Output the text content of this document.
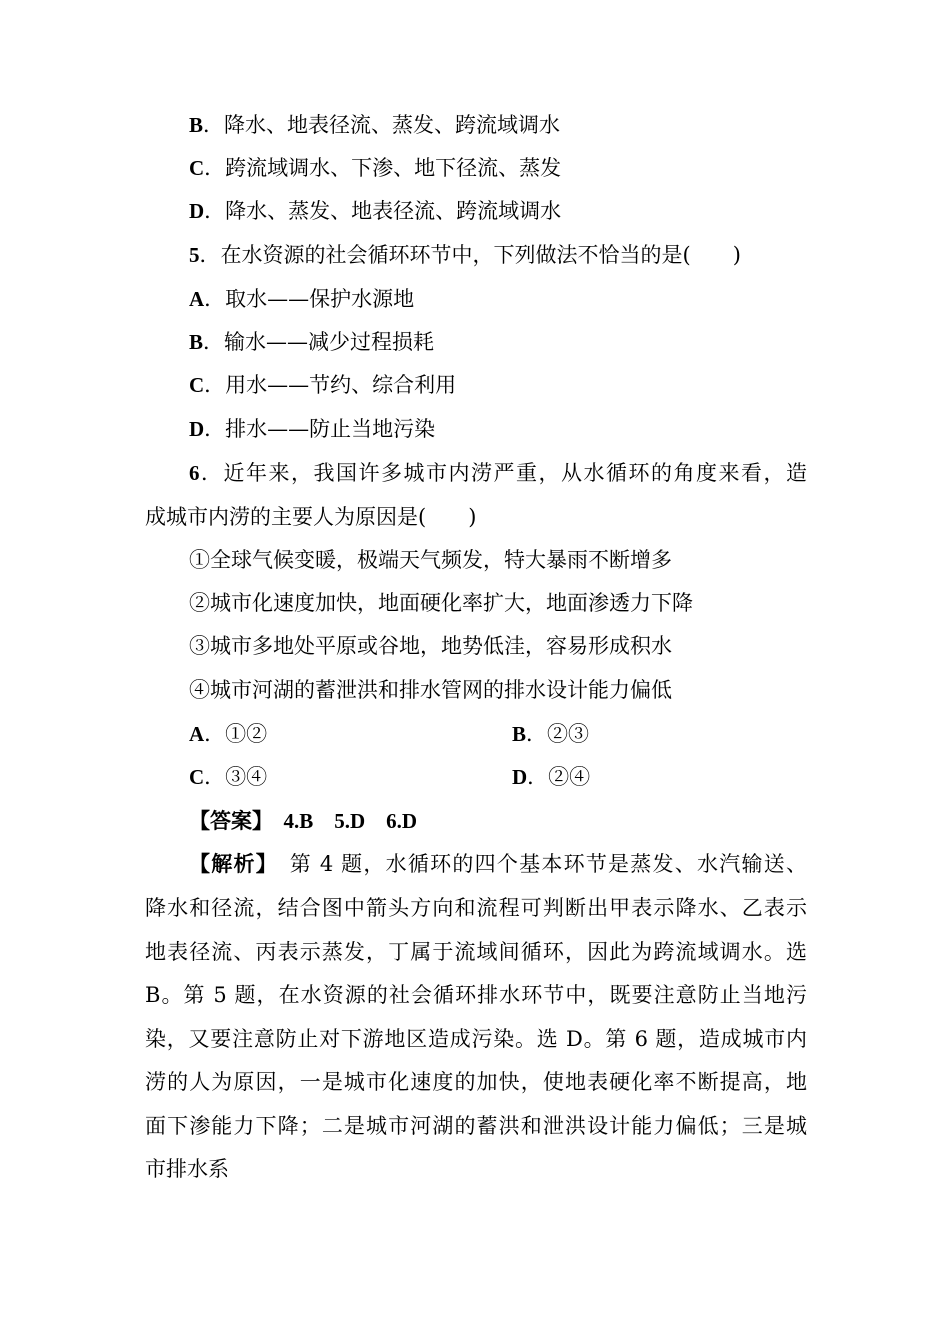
B．降水、地表径流、蒸发、跨流域调水
C．跨流域调水、下渗、地下径流、蒸发
D．降水、蒸发、地表径流、跨流域调水
5．在水资源的社会循环环节中，下列做法不恰当的是(　　)
A．取水——保护水源地
B．输水——减少过程损耗
C．用水——节约、综合利用
D．排水——防止当地污染
6．近年来，我国许多城市内涝严重，从水循环的角度来看，造
成城市内涝的主要人为原因是(　　)
①全球气候变暖，极端天气频发，特大暴雨不断增多
②城市化速度加快，地面硬化率扩大，地面渗透力下降
③城市多地处平原或谷地，地势低洼，容易形成积水
④城市河湖的蓄泄洪和排水管网的排水设计能力偏低
A．①②	B．②③
C．③④	D．②④
【答案】　 4.B　5.D　6.D
【解析】　 第 4 题，水循环的四个基本环节是蒸发、水汽输送、
降水和径流，结合图中箭头方向和流程可判断出甲表示降水、乙表示
地表径流、丙表示蒸发，丁属于流域间循环，因此为跨流域调水。选
B。第 5 题，在水资源的社会循环排水环节中，既要注意防止当地污
染，又要注意防止对下游地区造成污染。选 D。第 6 题，造成城市内
涝的人为原因，一是城市化速度的加快，使地表硬化率不断提高，地
面下渗能力下降；二是城市河湖的蓄洪和泄洪设计能力偏低；三是城
市排水系
